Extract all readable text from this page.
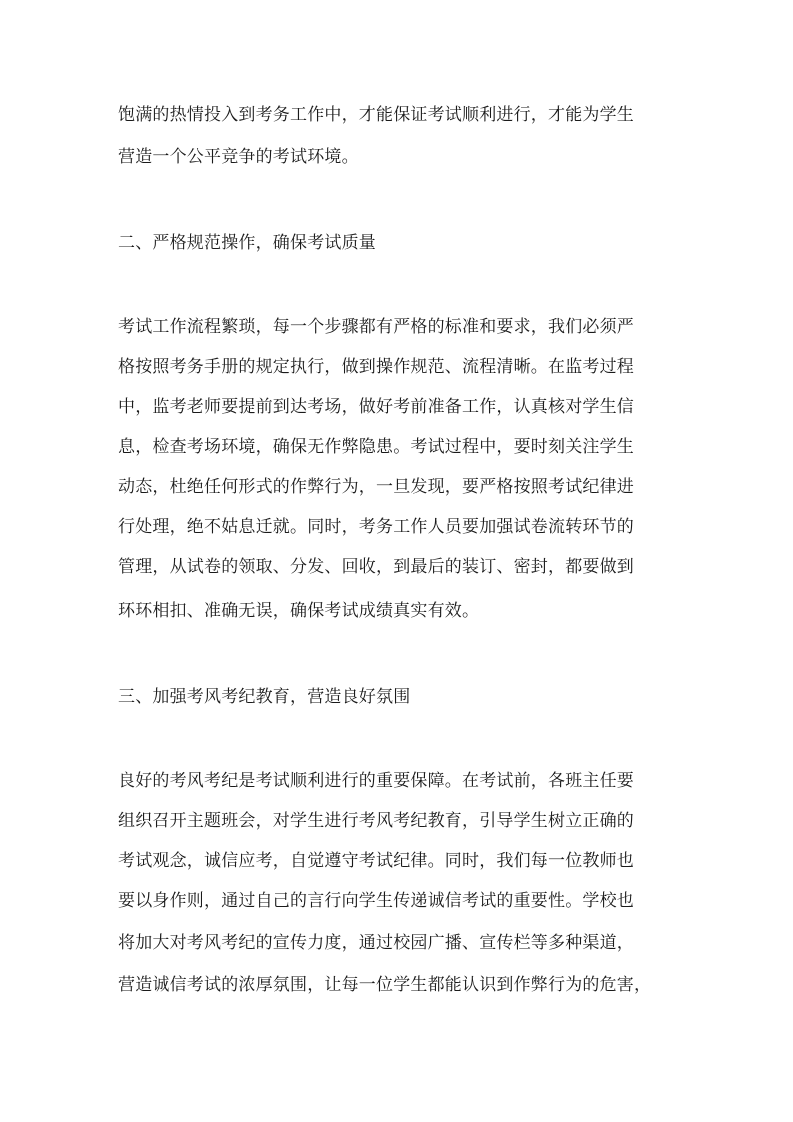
饱满的热情投入到考务工作中，才能保证考试顺利进行，才能为学生
营造一个公平竞争的考试环境。
二、严格规范操作，确保考试质量
考试工作流程繁琐，每一个步骤都有严格的标准和要求，我们必须严
格按照考务手册的规定执行，做到操作规范、流程清晰。在监考过程
中，监考老师要提前到达考场，做好考前准备工作，认真核对学生信
息，检查考场环境，确保无作弊隐患。考试过程中，要时刻关注学生
动态，杜绝任何形式的作弊行为，一旦发现，要严格按照考试纪律进
行处理，绝不姑息迁就。同时，考务工作人员要加强试卷流转环节的
管理，从试卷的领取、分发、回收，到最后的装订、密封，都要做到
环环相扣、准确无误，确保考试成绩真实有效。
三、加强考风考纪教育，营造良好氛围
良好的考风考纪是考试顺利进行的重要保障。在考试前，各班主任要
组织召开主题班会，对学生进行考风考纪教育，引导学生树立正确的
考试观念，诚信应考，自觉遵守考试纪律。同时，我们每一位教师也
要以身作则，通过自己的言行向学生传递诚信考试的重要性。学校也
将加大对考风考纪的宣传力度，通过校园广播、宣传栏等多种渠道，
营造诚信考试的浓厚氛围，让每一位学生都能认识到作弊行为的危害，
